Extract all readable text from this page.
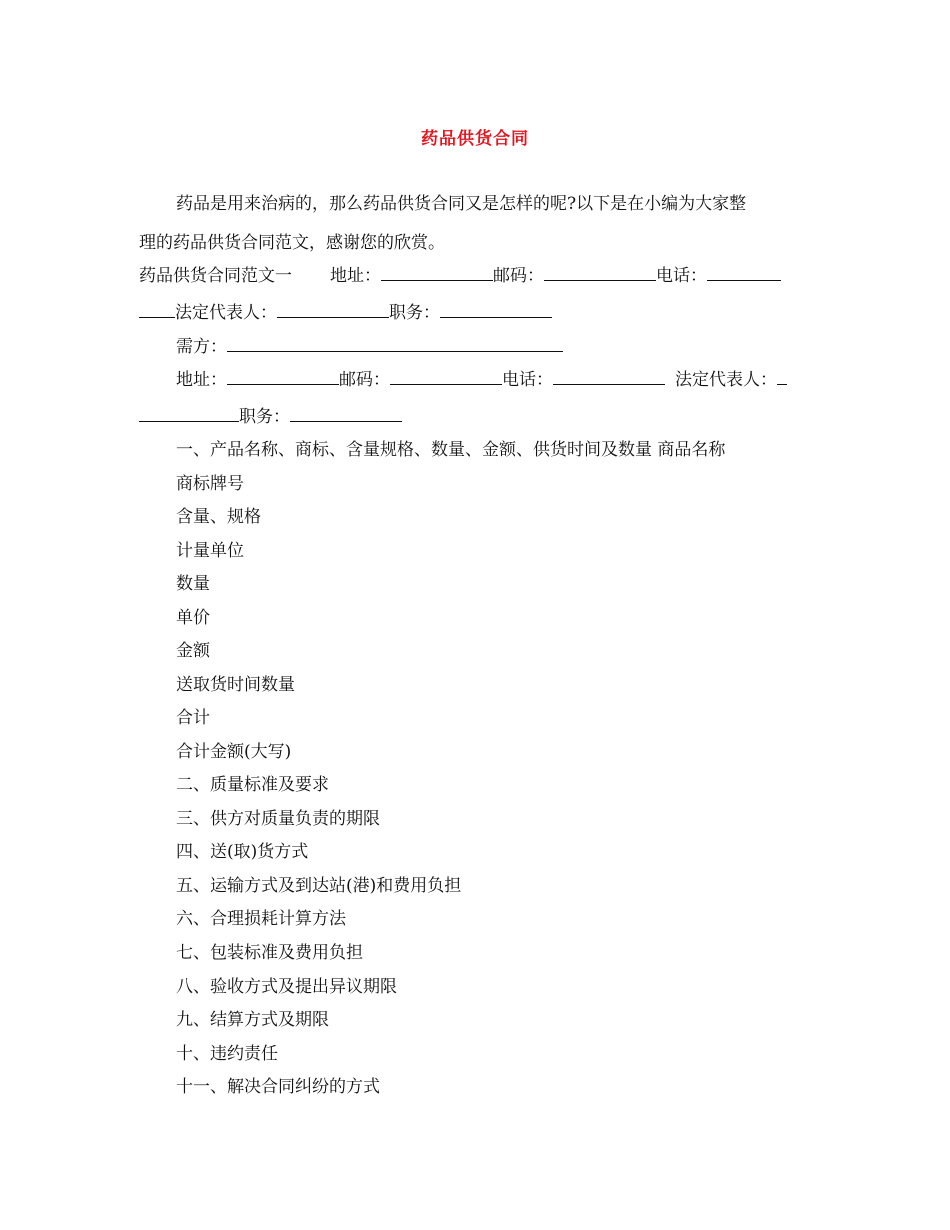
药品供货合同
药品是用来治病的，那么药品供货合同又是怎样的呢?以下是在小编为大家整
理的药品供货合同范文，感谢您的欣赏。
药品供货合同范文一 地址：	邮码：	电话：
法定代表人：	职务：
需方：
地址：	邮码：	电话：	法定代表人：
职务：
一、产品名称、商标、含量规格、数量、金额、供货时间及数量 商品名称
商标牌号
含量、规格
计量单位
数量
单价
金额
送取货时间数量
合计
合计金额(大写)
二、质量标准及要求
三、供方对质量负责的期限
四、送(取)货方式
五、运输方式及到达站(港)和费用负担
六、合理损耗计算方法
七、包装标准及费用负担
八、验收方式及提出异议期限
九、结算方式及期限
十、违约责任
十一、解决合同纠纷的方式
